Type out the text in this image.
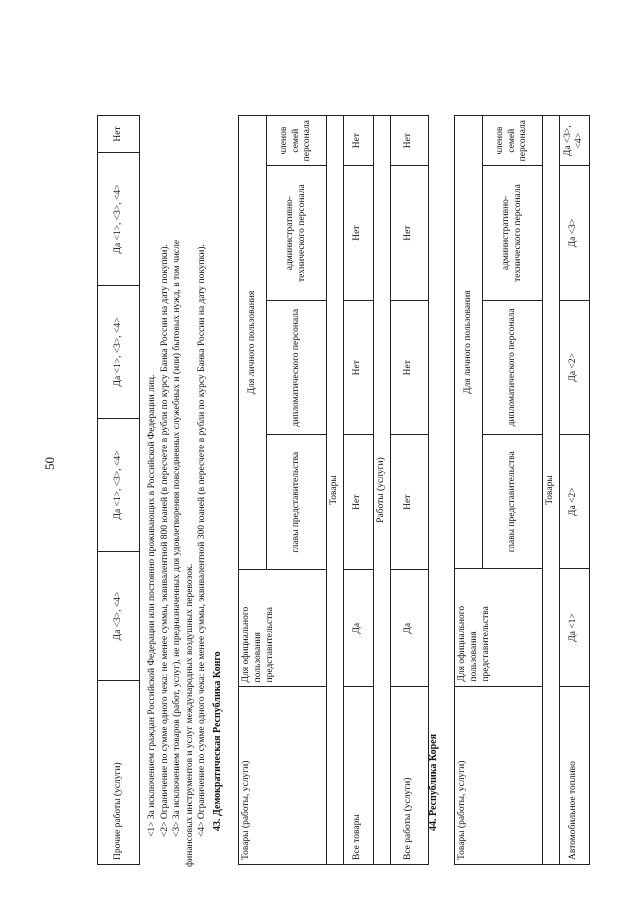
50
Прочие работы (услуги)	Да <3>, <4>	Да <1>, <3>, <4>	Да <1>, <3>, <4>	Да <1>, <3>, <4>	Нет

<1> За исключением граждан Российской Федерации или постоянно проживающих в Российской Федерации лиц. <2> Ограничение по сумме одного чека: не менее суммы, эквивалентной 800 юаней (в пересчете в рубли по курсу Банка России на дату покупки). <3> За исключением товаров (работ, услуг), не предназначенных для удовлетворения повседневных служебных и (или) бытовых нужд, в том числе финансовых инструментов и услуг международных воздушных перевозок. <4> Ограничение по сумме одного чека: не менее суммы, эквивалентной 300 юаней (в пересчете в рубли по курсу Банка России на дату покупки). 43. Демократическая Республика Конго Товары (работы, услуги)	Для официального пользования представительства	Для личного пользования			
		главы представительства	дипломатического персонала	административно-технического персонала	членов семей персонала
Товары					
Все товары	Да	Нет	Нет	Нет	Нет
Работы (услуги)					
Все работы (услуги)	Да	Нет	Нет	Нет	Нет
44. Республика Корея Товары (работы, услуги)	Для официального пользования представительства	Для личного пользования			
		главы представительства	дипломатического персонала	административно-технического персонала	членов семей персонала
Товары					
Автомобильное топливо	Да <1>	Да <2>	Да <2>	Да <3>	Да <3>, <4>
